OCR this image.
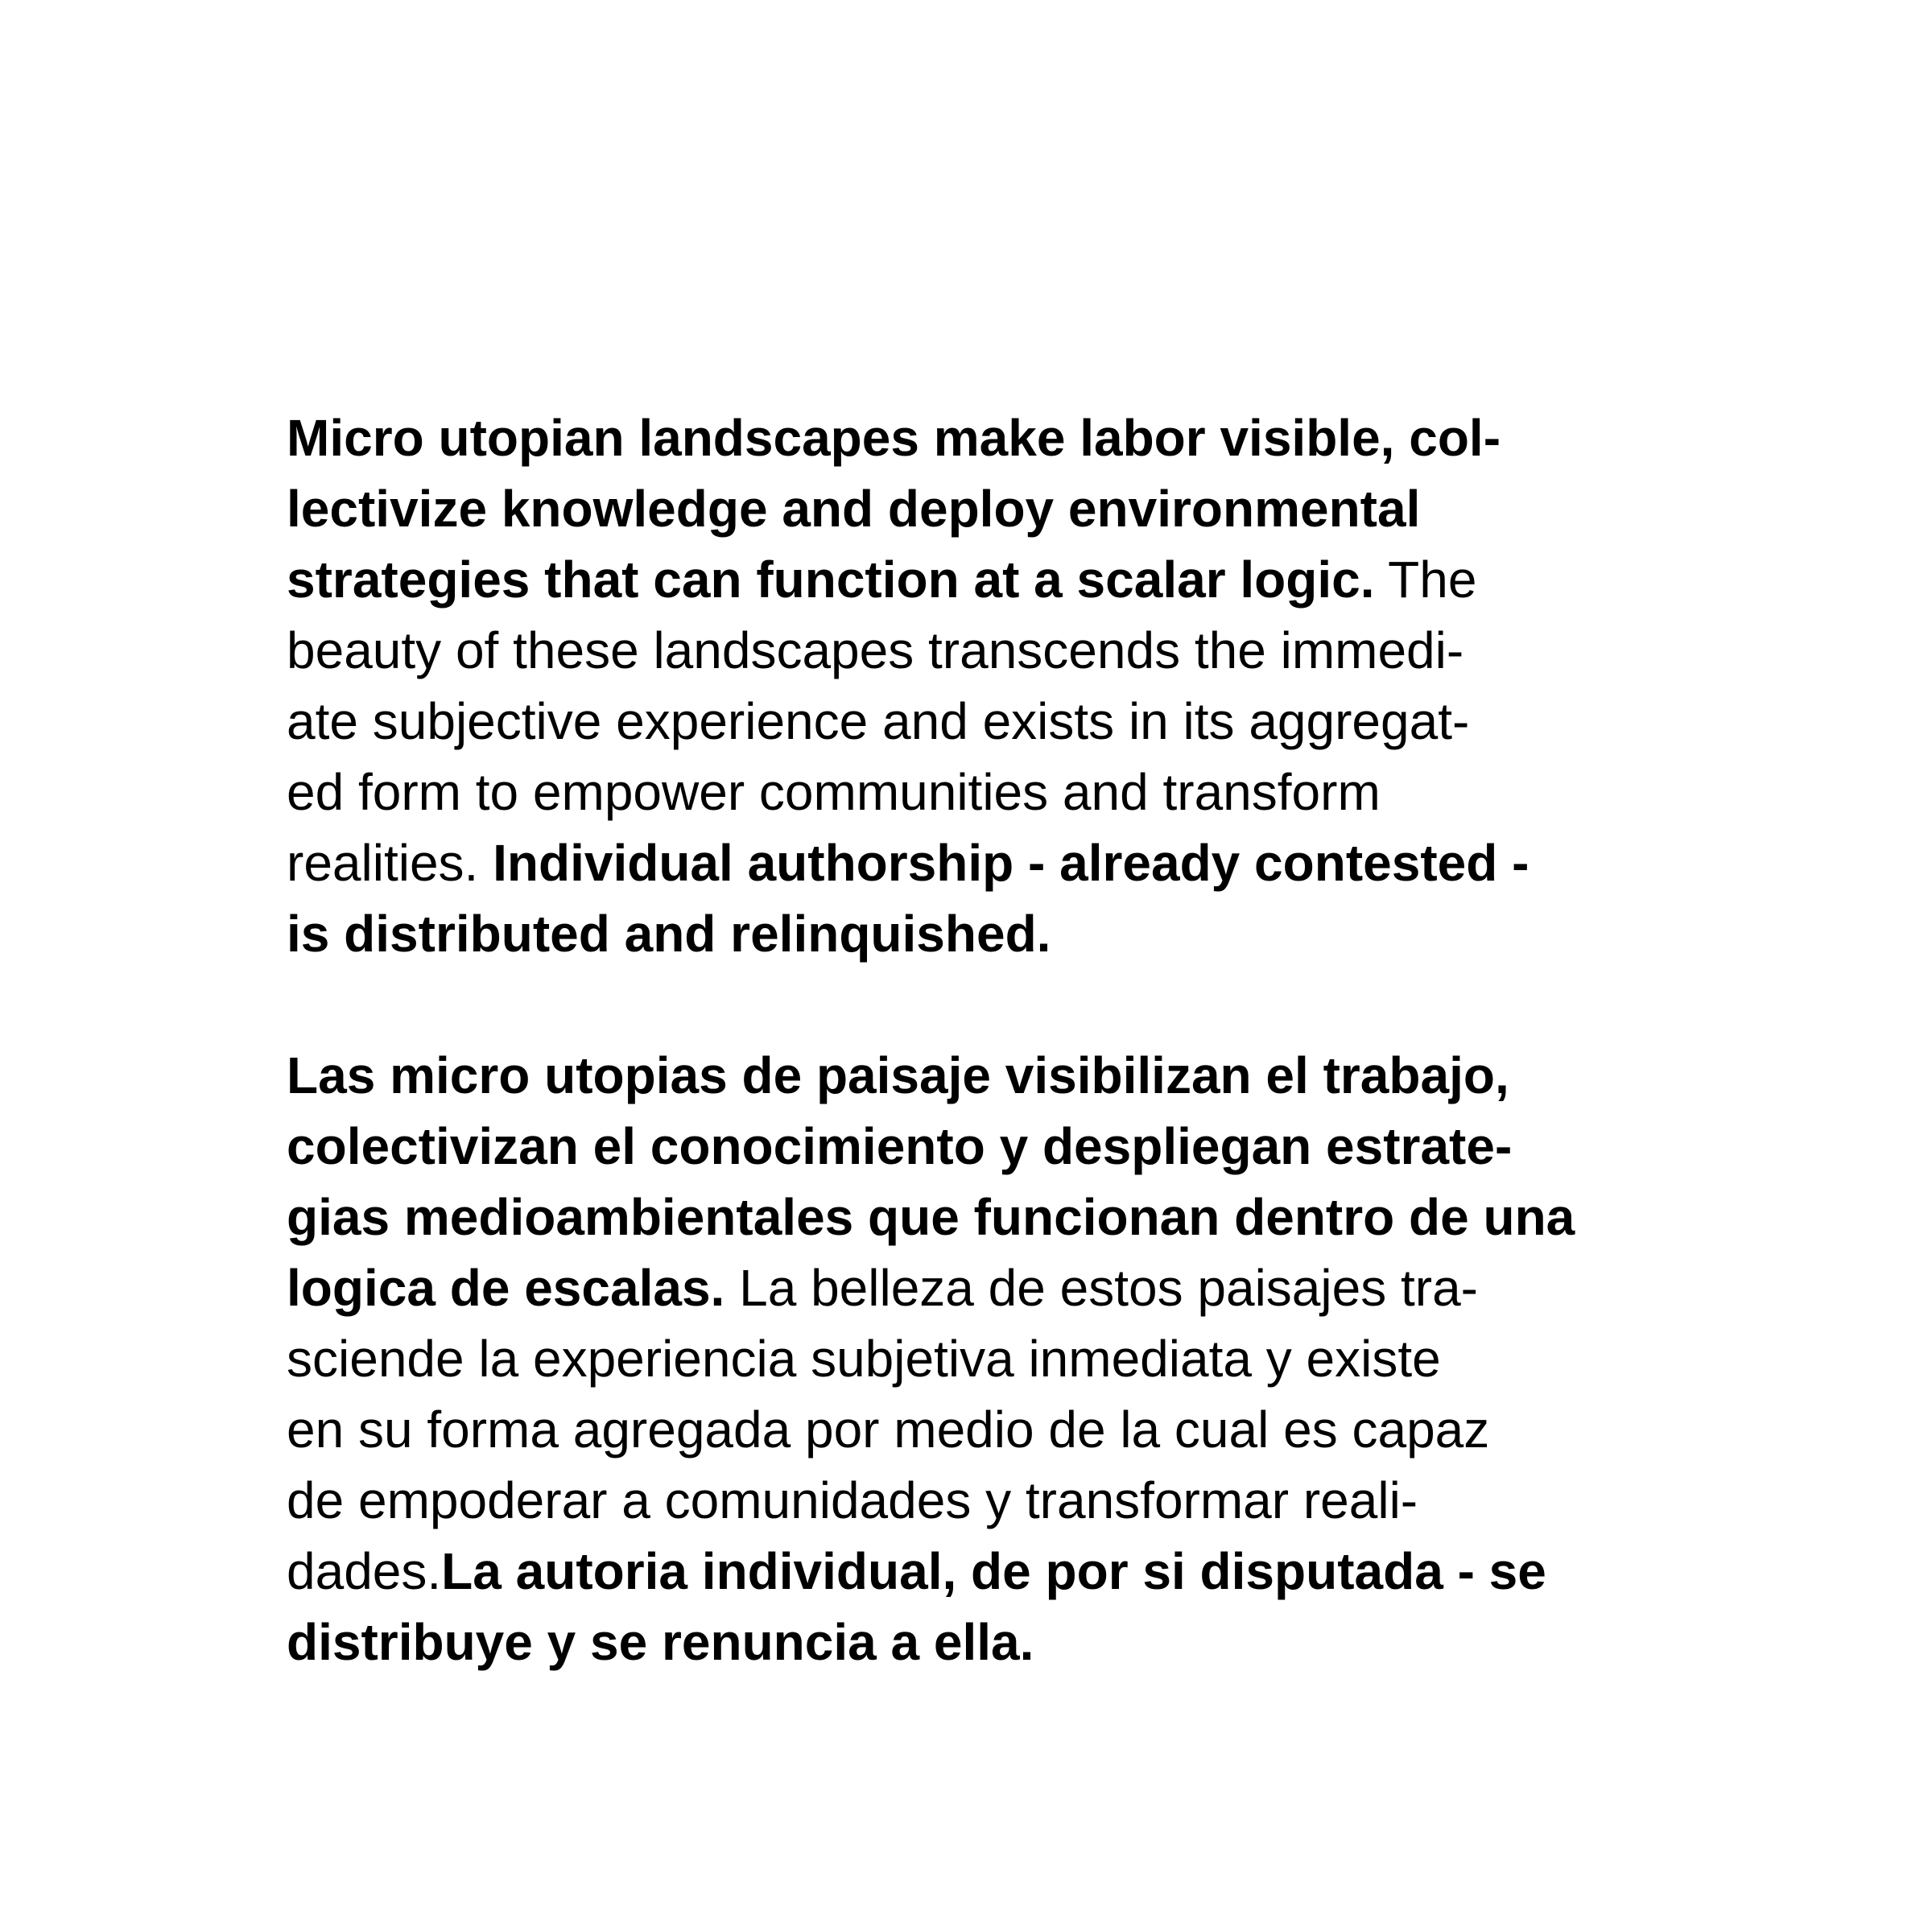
Micro utopian landscapes make labor visible, col-
lectivize knowledge and deploy environmental
strategies that can function at a scalar logic. The
beauty of these landscapes transcends the immedi-
ate subjective experience and exists in its aggregat-
ed form to empower communities and transform
realities. Individual authorship - already contested -
is distributed and relinquished.
Las micro utopias de paisaje visibilizan el trabajo,
colectivizan el conocimiento y despliegan estrate-
gias medioambientales que funcionan dentro de una
logica de escalas. La belleza de estos paisajes tra-
sciende la experiencia subjetiva inmediata y existe
en su forma agregada por medio de la cual es capaz
de empoderar a comunidades y transformar reali-
dades.La autoria individual, de por si disputada - se
distribuye y se renuncia a ella.
